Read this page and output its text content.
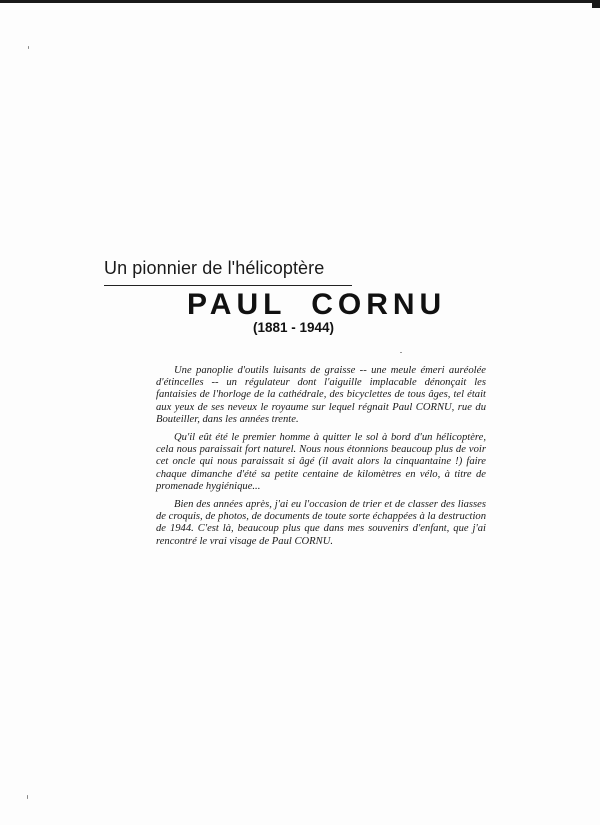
Un pionnier de l'hélicoptère
PAUL CORNU
(1881 - 1944)

Une panoplie d'outils luisants de graisse -- une meule émeri auréolée d'étincelles -- un régulateur dont l'aiguille implacable dénonçait les fantaisies de l'horloge de la cathédrale, des bicyclettes de tous âges, tel était aux yeux de ses neveux le royaume sur lequel régnait Paul CORNU, rue du Bouteiller, dans les années trente.

Qu'il eût été le premier homme à quitter le sol à bord d'un hélicoptère, cela nous paraissait fort naturel. Nous nous étonnions beaucoup plus de voir cet oncle qui nous paraissait si âgé (il avait alors la cinquantaine !) faire chaque dimanche d'été sa petite centaine de kilomètres en vélo, à titre de promenade hygiénique...

Bien des années après, j'ai eu l'occasion de trier et de classer des liasses de croquis, de photos, de documents de toute sorte échappées à la destruction de 1944. C'est là, beaucoup plus que dans mes souvenirs d'enfant, que j'ai rencontré le vrai visage de Paul CORNU.
